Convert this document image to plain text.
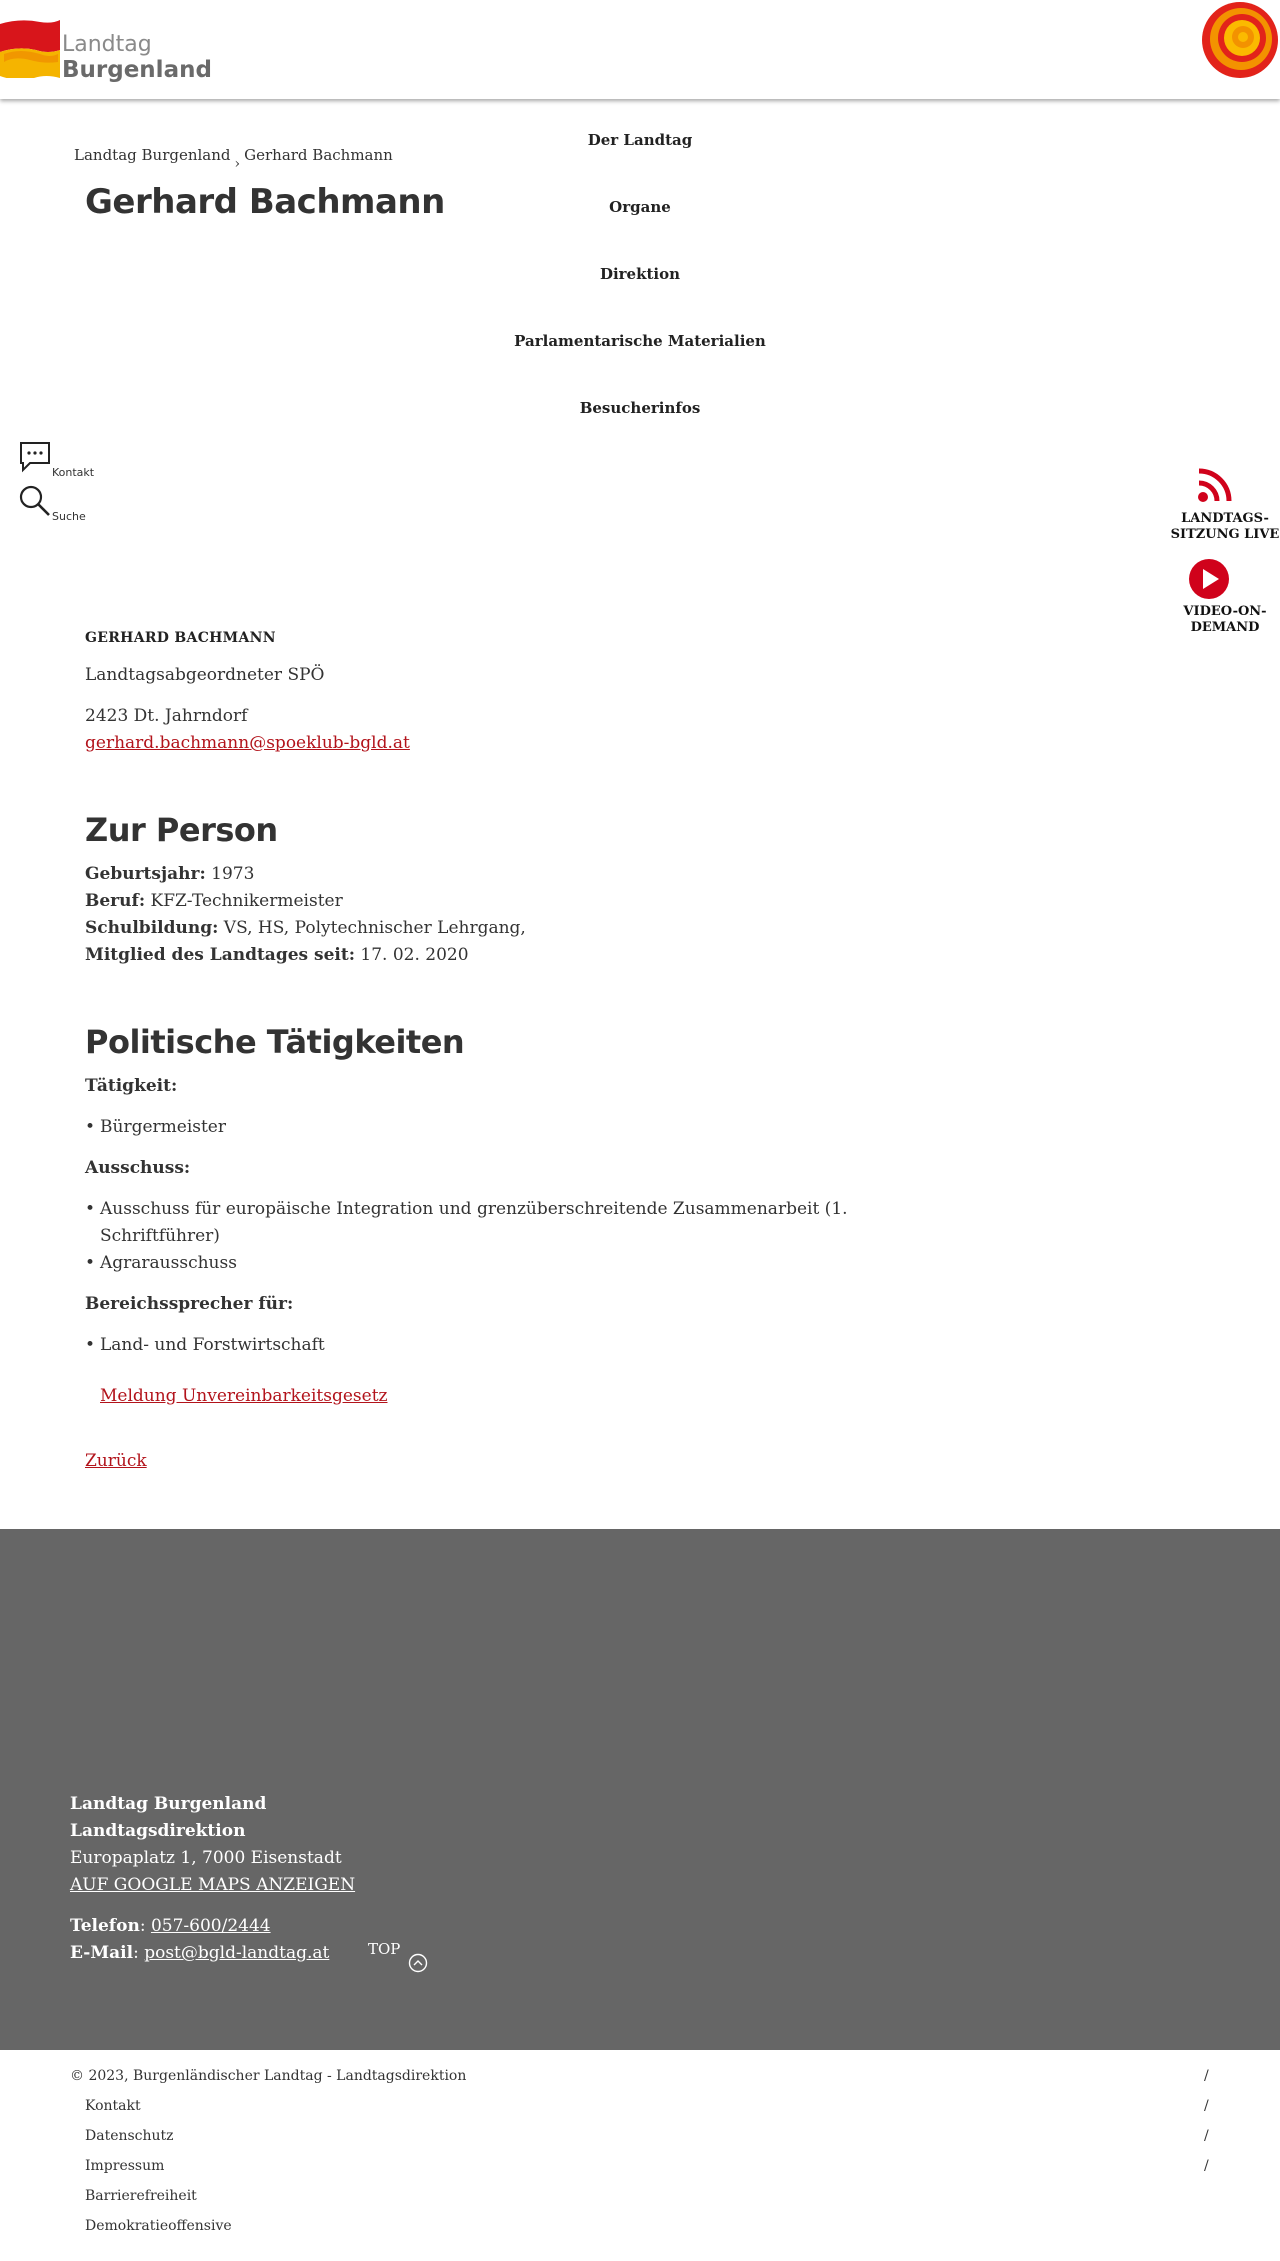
Landtag
Burgenland
Der Landtag
Organe
Direktion
Parlamentarische Materialien
Besucherinfos
Landtag Burgenland › Gerhard Bachmann
Gerhard Bachmann
Kontakt
Suche	LANDTAGS-
SITZUNG LIVE
VIDEO-ON-
DEMAND
GERHARD BACHMANN
Landtagsabgeordneter SPÖ
2423 Dt. Jahrndorf
gerhard.bachmann@spoeklub-bgld.at
Zur Person
Geburtsjahr: 1973
Beruf: KFZ-Technikermeister
Schulbildung: VS, HS, Polytechnischer Lehrgang,
Mitglied des Landtages seit: 17. 02. 2020
Politische Tätigkeiten
Tätigkeit:
• Bürgermeister
Ausschuss:
• Ausschuss für europäische Integration und grenzüberschreitende Zusammenarbeit (1. Schriftführer)
• Agrarausschuss
Bereichssprecher für:
• Land- und Forstwirtschaft
Meldung Unvereinbarkeitsgesetz
Zurück
Landtag Burgenland
Landtagsdirektion
Europaplatz 1, 7000 Eisenstadt
AUF GOOGLE MAPS ANZEIGEN
Telefon: 057-600/2444
E-Mail: post@bgld-landtag.at	TOP
© 2023, Burgenländischer Landtag - Landtagsdirektion	/
Kontakt	/
Datenschutz	/
Impressum	/
Barrierefreiheit
Demokratieoffensive
